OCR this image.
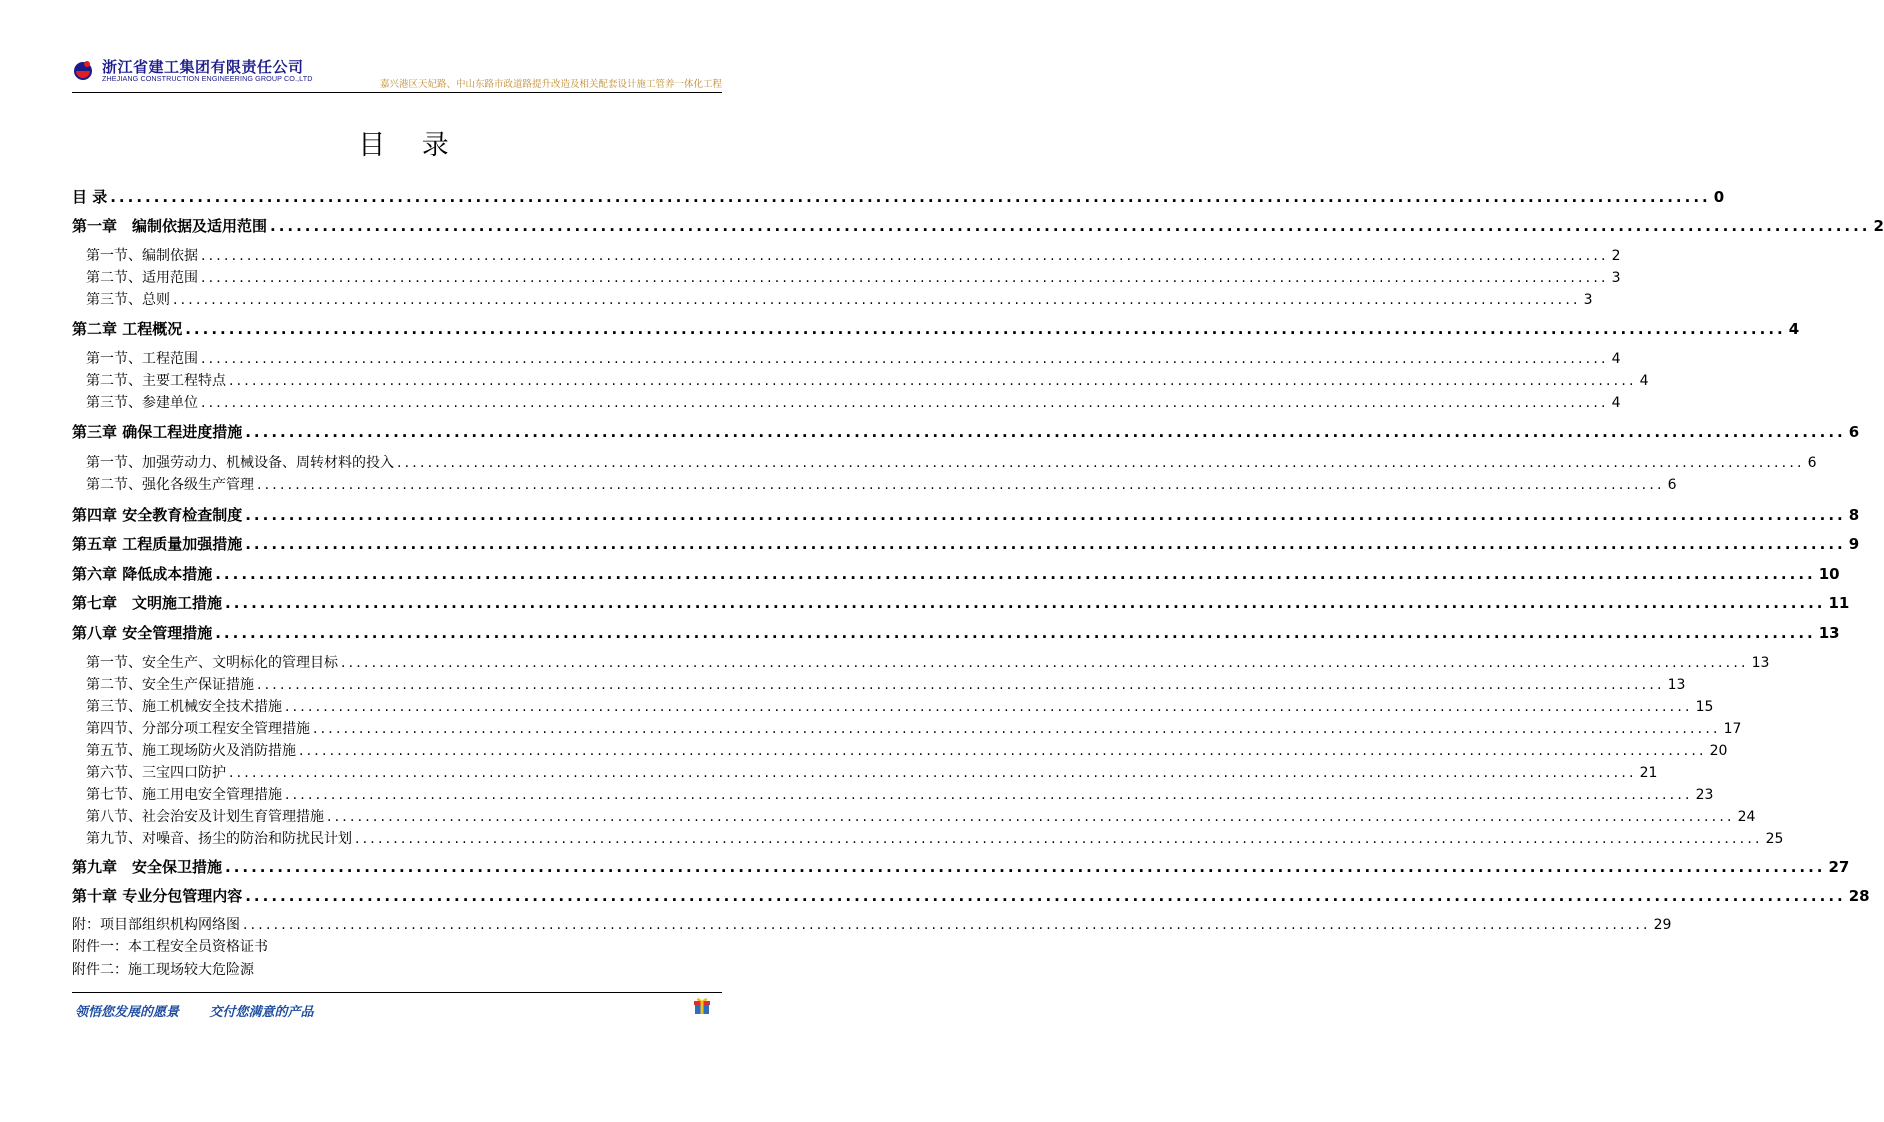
浙江省建工集团有限责任公司
ZHEJIANG CONSTRUCTION ENGINEERING GROUP CO.,LTD
嘉兴港区天妃路、中山东路市政道路提升改造及相关配套设计施工管养一体化工程
目 录
目 录 ........................................................................................................................................................................................ 0
第一章　编制依据及适用范围 ........................................................................................................................................................................................ 2
第一节、编制依据 ........................................................................................................................................................................................ 2
第二节、适用范围 ........................................................................................................................................................................................ 3
第三节、总则 ........................................................................................................................................................................................ 3
第二章 工程概况 ........................................................................................................................................................................................ 4
第一节、工程范围 ........................................................................................................................................................................................ 4
第二节、主要工程特点 ........................................................................................................................................................................................ 4
第三节、参建单位 ........................................................................................................................................................................................ 4
第三章 确保工程进度措施 ........................................................................................................................................................................................ 6
第一节、加强劳动力、机械设备、周转材料的投入 ........................................................................................................................................................................................ 6
第二节、强化各级生产管理 ........................................................................................................................................................................................ 6
第四章 安全教育检查制度 ........................................................................................................................................................................................ 8
第五章 工程质量加强措施 ........................................................................................................................................................................................ 9
第六章 降低成本措施 ........................................................................................................................................................................................ 10
第七章　文明施工措施 ........................................................................................................................................................................................ 11
第八章 安全管理措施 ........................................................................................................................................................................................ 13
第一节、安全生产、文明标化的管理目标 ........................................................................................................................................................................................ 13
第二节、安全生产保证措施 ........................................................................................................................................................................................ 13
第三节、施工机械安全技术措施 ........................................................................................................................................................................................ 15
第四节、分部分项工程安全管理措施 ........................................................................................................................................................................................ 17
第五节、施工现场防火及消防措施 ........................................................................................................................................................................................ 20
第六节、三宝四口防护 ........................................................................................................................................................................................ 21
第七节、施工用电安全管理措施 ........................................................................................................................................................................................ 23
第八节、社会治安及计划生育管理措施 ........................................................................................................................................................................................ 24
第九节、对噪音、扬尘的防治和防扰民计划 ........................................................................................................................................................................................ 25
第九章　安全保卫措施 ........................................................................................................................................................................................ 27
第十章 专业分包管理内容 ........................................................................................................................................................................................ 28
附：项目部组织机构网络图 ........................................................................................................................................................................................ 29
附件一：本工程安全员资格证书
附件二：施工现场较大危险源
领悟您发展的愿景 交付您满意的产品
